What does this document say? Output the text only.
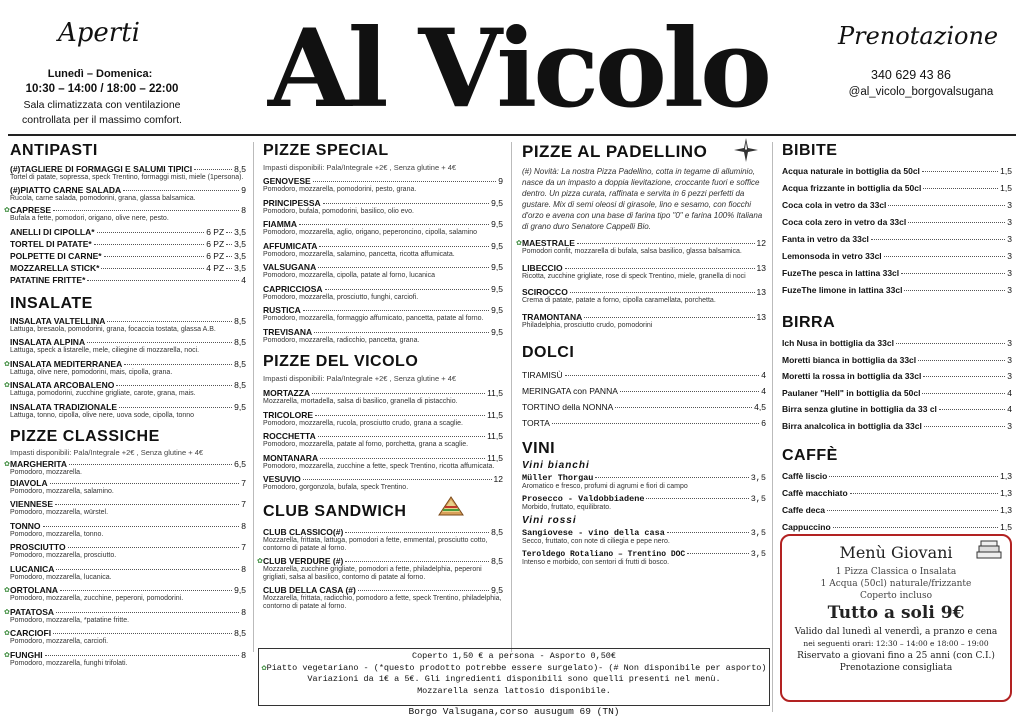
Aperti
Lunedì – Domenica:
10:30 – 14:00 / 18:00 – 22:00
Sala climatizzata con ventilazione
controllata per il massimo comfort. Al Vicolo	Prenotazione
340 629 43 86
@al_vicolo_borgovalsugana
ANTIPASTI
(#)TAGLIERE DI FORMAGGI E SALUMI TIPICI	8,5
Tortel di patate, sopressa, speck Trentino, formaggi misti, miele (1persona).
(#)PIATTO CARNE SALADA	9
Rucola, carne salada, pomodorini, grana, glassa balsamica.
✿ CAPRESE	8
Bufala a fette, pomodori, origano, olive nere, pesto.
ANELLI DI CIPOLLA*	6 PZ 3,5
TORTEL DI PATATE*	6 PZ 3,5
POLPETTE DI CARNE*	6 PZ 3,5
MOZZARELLA STICK*	4 PZ 3,5
PATATINE FRITTE*	4
INSALATE
INSALATA VALTELLINA	8,5
Lattuga, bresaola, pomodorini, grana, focaccia tostata, glassa A.B.
INSALATA ALPINA	8,5
Lattuga, speck a listarelle, mele, ciliegine di mozzarella, noci.
✿ INSALATA MEDITERRANEA	8,5
Lattuga, olive nere, pomodorini, mais, cipolla, grana.
✿ INSALATA ARCOBALENO	8,5
Lattuga, pomodorini, zucchine grigliate, carote, grana, mais.
INSALATA TRADIZIONALE	9,5
Lattuga, tonno, cipolla, olive nere, uova sode, cipolla, tonno
PIZZE CLASSICHE
Impasti disponibili: Pala/Integrale +2€ , Senza glutine + 4€
✿ MARGHERITA	6,5
Pomodoro, mozzarella.
DIAVOLA	7
Pomodoro, mozzarella, salamino.
VIENNESE	7
Pomodoro, mozzarella, würstel.
TONNO	8
Pomodoro, mozzarella, tonno.
PROSCIUTTO	7
Pomodoro, mozzarella, prosciutto.
LUCANICA	8
Pomodoro, mozzarella, lucanica.
✿ ORTOLANA	9,5
Pomodoro, mozzarella, zucchine, peperoni, pomodorini.
✿ PATATOSA	8
Pomodoro, mozzarella, *patatine fritte.
✿ CARCIOFI	8,5
Pomodoro, mozzarella, carciofi.
✿ FUNGHI	8
Pomodoro, mozzarella, funghi trifolati.
PIZZE SPECIAL
Impasti disponibili: Pala/Integrale +2€ , Senza glutine + 4€
GENOVESE	9
Pomodoro, mozzarella, pomodorini, pesto, grana.
PRINCIPESSA	9,5
Pomodoro, bufala, pomodorini, basilico, olio evo.
FIAMMA	9,5
Pomodoro, mozzarella, aglio, origano, peperoncino, cipolla, salamino
AFFUMICATA	9,5
Pomodoro, mozzarella, salamino, pancetta, ricotta affumicata.
VALSUGANA	9,5
Pomodoro, mozzarella, cipolla, patate al forno, lucanica
CAPRICCIOSA	9,5
Pomodoro, mozzarella, prosciutto, funghi, carciofi.
RUSTICA	9,5
Pomodoro, mozzarella, formaggio affumicato, pancetta, patate al forno.
TREVISANA	9,5
Pomodoro, mozzarella, radicchio, pancetta, grana.
PIZZE DEL VICOLO
Impasti disponibili: Pala/Integrale +2€ , Senza glutine + 4€
MORTAZZA	11,5
Mozzarella, mortadella, salsa di basilico, granella di pistacchio.
TRICOLORE	11,5
Pomodoro, mozzarella, rucola, prosciutto crudo, grana a scaglie.
ROCCHETTA	11,5
Pomodoro, mozzarella, patate al forno, porchetta, grana a scaglie.
MONTANARA	11,5
Pomodoro, mozzarella, zucchine a fette, speck Trentino, ricotta affumicata.
VESUVIO	12
Pomodoro, gorgonzola, bufala, speck Trentino.
CLUB SANDWICH
CLUB CLASSICO(#)	8,5
Mozzarella, frittata, lattuga, pomodori a fette, emmental, prosciutto cotto, contorno di patate al forno.
✿ CLUB VERDURE (#)	8,5
Mozzarella, zucchine grigliate, pomodori a fette, philadelphia, peperoni grigliati, salsa al basilico, contorno di patate al forno.
CLUB DELLA CASA (#)	9,5
Mozzarella, frittata, radicchio, pomodoro a fette, speck Trentino, philadelphia, contorno di patate al forno.
PIZZE AL PADELLINO
(#) Novità: La nostra Pizza Padellino, cotta in tegame di alluminio, nasce da un impasto a doppia lievitazione, croccante fuori e soffice dentro. Un pizza curata, raffinata e servita in 6 pezzi perfetti da gustare. Mix di semi oleosi di girasole, lino e sesamo, con fiocchi d'orzo e avena con una base di farina tipo "0" e farina 100% Italiana di grano duro Senatore Cappelli Bio.
✿ MAESTRALE	12
Pomodori confit, mozzarella di bufala, salsa basilico, glassa balsamica.
LIBECCIO	13
Ricotta, zucchine grigliate, rose di speck Trentino, miele, granella di noci
SCIROCCO	13
Crema di patate, patate a forno, cipolla caramellata, porchetta.
TRAMONTANA	13
Philadelphia, prosciutto crudo, pomodorini
DOLCI
TIRAMISÙ	4
MERINGATA con PANNA	4
TORTINO della NONNA	4,5
TORTA	6
VINI
Vini bianchi
Müller Thorgau	3,5
Aromatico e fresco, profumi di agrumi e fiori di campo
Prosecco - Valdobbiadene	3,5
Morbido, fruttato, equilibrato.
Vini rossi
Sangiovese - vino della casa	3,5
Secco, fruttato, con note di ciliegia e pepe nero.
Teroldego Rotaliano – Trentino DOC	3,5
Intenso e morbido, con sentori di frutti di bosco.
BIBITE
Acqua naturale in bottiglia da 50cl	1,5
Acqua frizzante in bottiglia da 50cl	1,5
Coca cola in vetro da 33cl	3
Coca cola zero in vetro da 33cl	3
Fanta in vetro da 33cl	3
Lemonsoda in vetro 33cl	3
FuzeThe pesca in lattina 33cl	3
FuzeThe limone in lattina 33cl	3
BIRRA
Ich Nusa in bottiglia da 33cl	3
Moretti bianca in bottiglia da 33cl	3
Moretti la rossa in bottiglia da 33cl	3
Paulaner "Hell" in bottiglia da 50cl	4
Birra senza glutine in bottiglia da 33 cl	4
Birra analcolica in bottiglia da 33cl	3
CAFFÈ
Caffè liscio	1,3
Caffè macchiato	1,3
Caffe deca	1,3
Cappuccino	1,5
Menù Giovani
1 Pizza Classica o Insalata
1 Acqua (50cl) naturale/frizzante
Coperto incluso
Tutto a soli 9€
Valido dal lunedì al venerdì, a pranzo e cena
nei seguenti orari: 12:30 – 14:00 e 18:00 – 19:00
Riservato a giovani fino a 25 anni (con C.I.)
Prenotazione consigliata
Coperto 1,50 € a persona - Asporto 0,50€
✿Piatto vegetariano - (*questo prodotto potrebbe essere surgelato)- (# Non disponibile per asporto)
Variazioni da 1€ a 5€. Gli ingredienti disponibili sono quelli presenti nel menù.
Mozzarella senza lattosio disponibile.
Borgo Valsugana,corso ausugum 69 (TN)
